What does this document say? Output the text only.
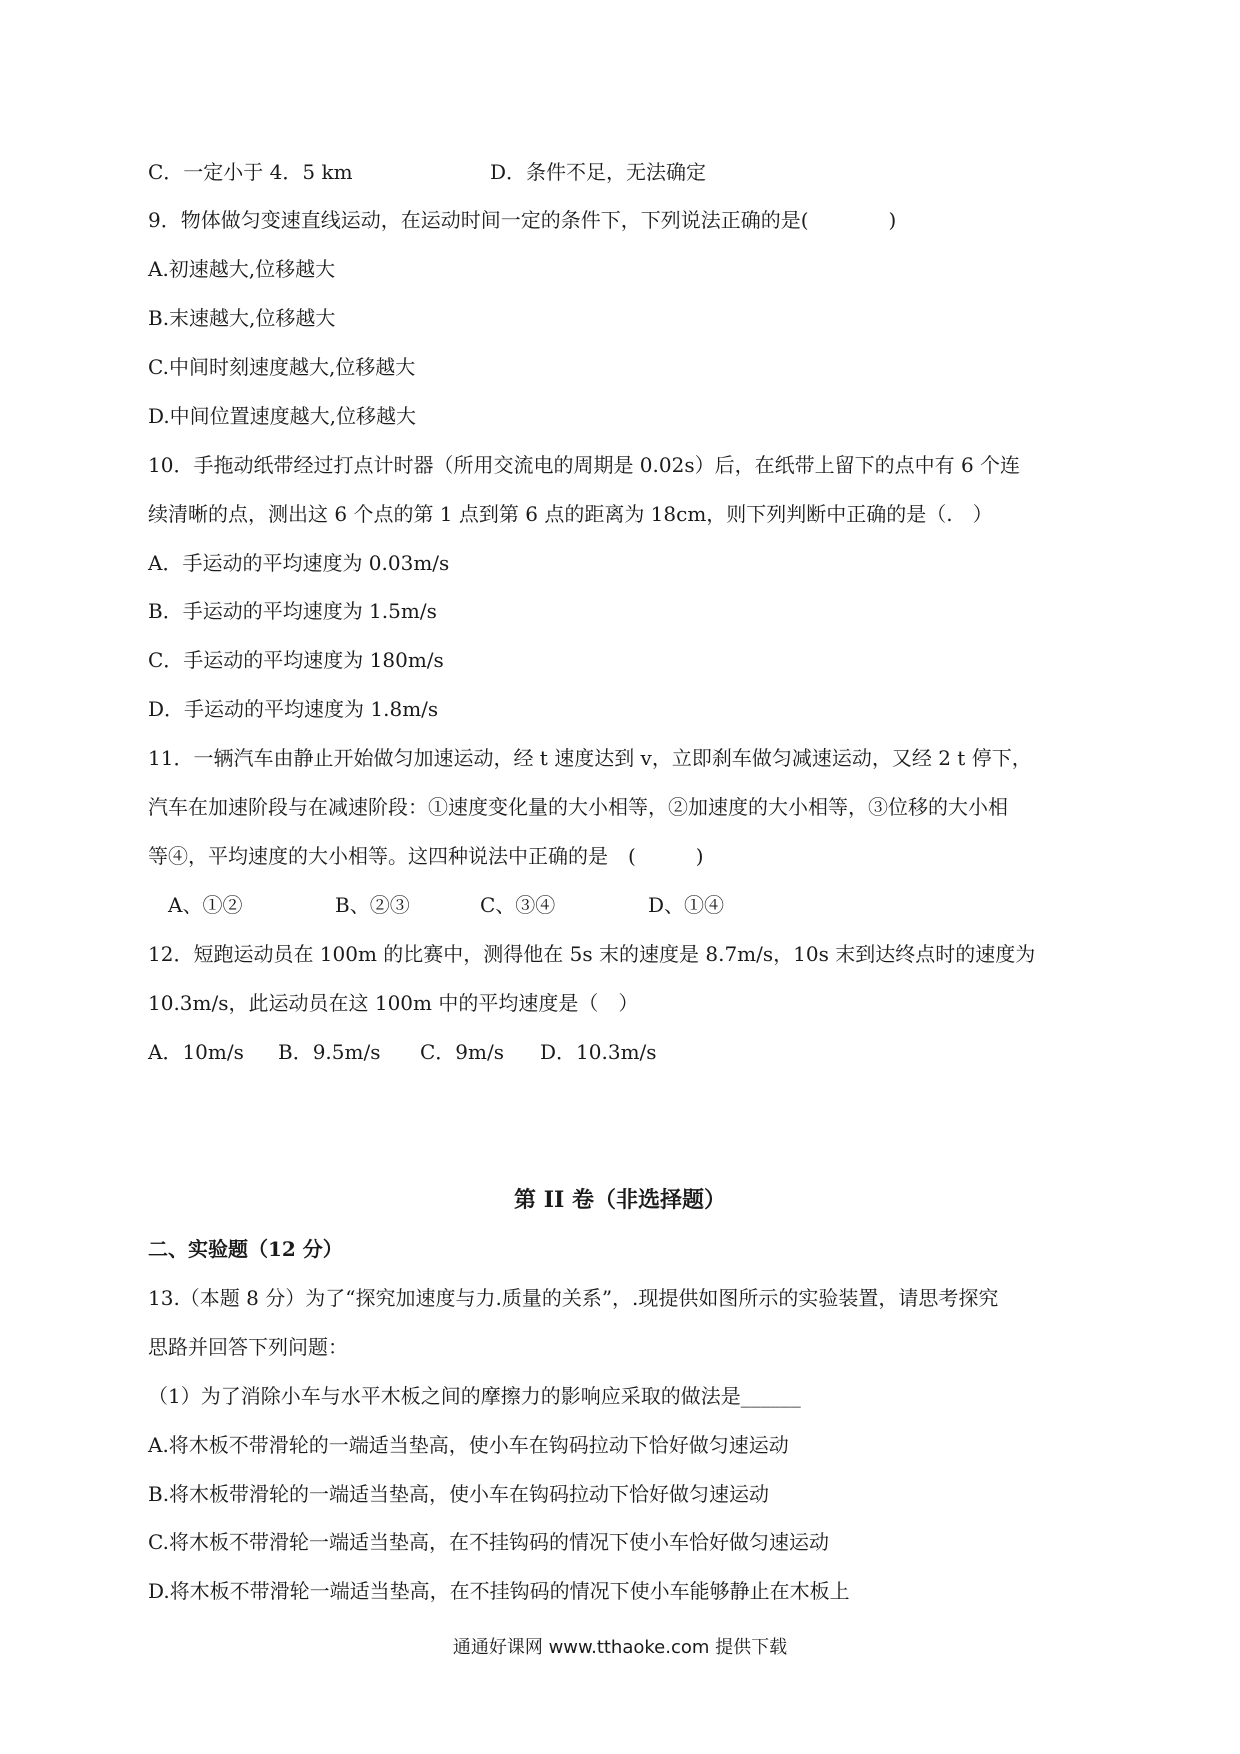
C．一定小于 4．5 km	D．条件不足，无法确定
9．物体做匀变速直线运动，在运动时间一定的条件下，下列说法正确的是(　　　　)
A.初速越大,位移越大
B.末速越大,位移越大
C.中间时刻速度越大,位移越大
D.中间位置速度越大,位移越大
10．手拖动纸带经过打点计时器（所用交流电的周期是 0.02s）后，在纸带上留下的点中有 6 个连
续清晰的点，测出这 6 个点的第 1 点到第 6 点的距离为 18cm，则下列判断中正确的是（.　）
A．手运动的平均速度为 0.03m/s
B．手运动的平均速度为 1.5m/s
C．手运动的平均速度为 180m/s
D．手运动的平均速度为 1.8m/s
11．一辆汽车由静止开始做匀加速运动，经 t 速度达到 v，立即刹车做匀减速运动，又经 2 t 停下，
汽车在加速阶段与在减速阶段：①速度变化量的大小相等，②加速度的大小相等，③位移的大小相
等④，平均速度的大小相等。这四种说法中正确的是　(　　　)
A、①②	B、②③	C、③④	D、①④
12．短跑运动员在 100m 的比赛中，测得他在 5s 末的速度是 8.7m/s，10s 末到达终点时的速度为
10.3m/s，此运动员在这 100m 中的平均速度是（　）
A．10m/s B．9.5m/s C．9m/s D．10.3m/s
第 II 卷（非选择题）
二、实验题（12 分）
13.（本题 8 分）为了“探究加速度与力.质量的关系”，.现提供如图所示的实验装置，请思考探究
思路并回答下列问题：
（1）为了消除小车与水平木板之间的摩擦力的影响应采取的做法是______
A.将木板不带滑轮的一端适当垫高，使小车在钩码拉动下恰好做匀速运动
B.将木板带滑轮的一端适当垫高，使小车在钩码拉动下恰好做匀速运动
C.将木板不带滑轮一端适当垫高，在不挂钩码的情况下使小车恰好做匀速运动
D.将木板不带滑轮一端适当垫高，在不挂钩码的情况下使小车能够静止在木板上
通通好课网 www.tthaoke.com 提供下载
